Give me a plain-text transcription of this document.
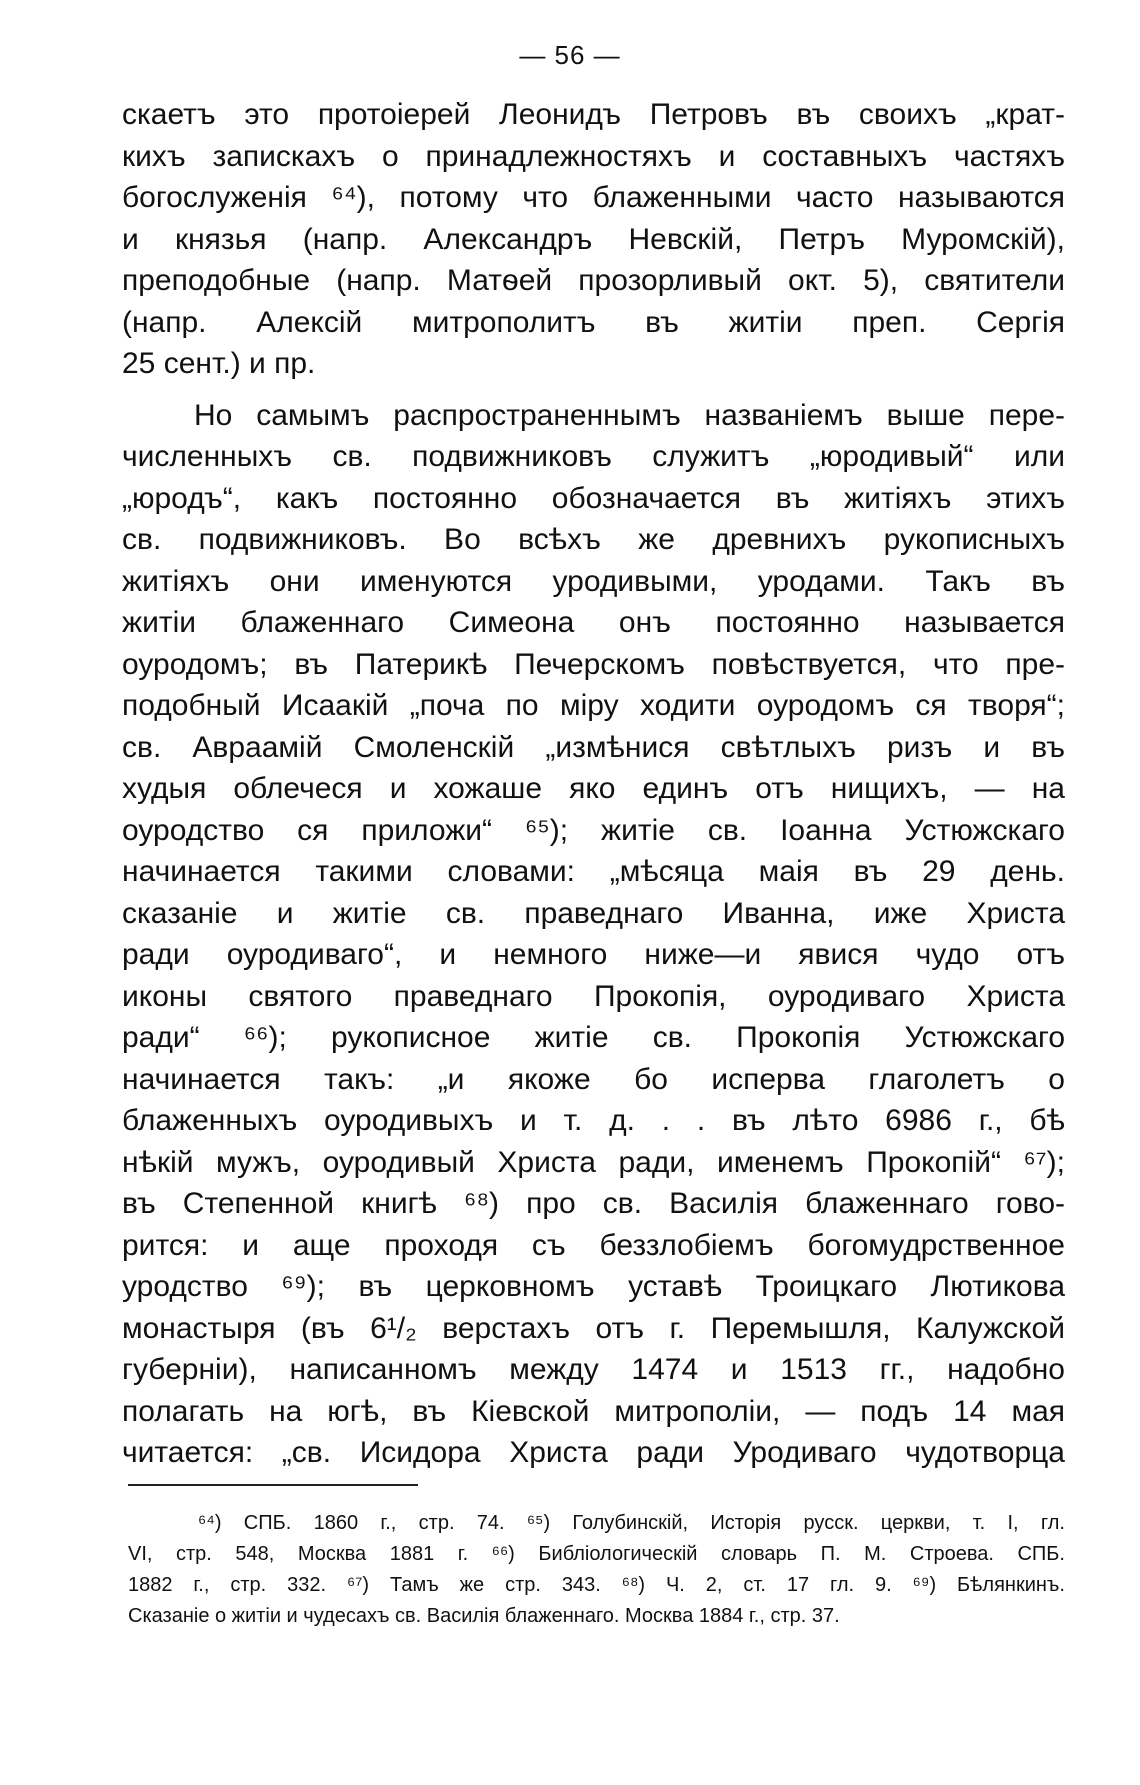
— 56 —
скаетъ это протоіерей Леонидъ Петровъ въ своихъ „крат-
кихъ запискахъ о принадлежностяхъ и составныхъ частяхъ
богослуженія ⁶⁴), потому что блаженными часто называются
и князья (напр. Александръ Невскій, Петръ Муромскій),
преподобные (напр. Матѳей прозорливый окт. 5), святители
(напр. Алексій митрополитъ въ житіи преп. Сергія
25 сент.) и пр.
Но самымъ распространеннымъ названіемъ выше пере-
численныхъ св. подвижниковъ служитъ „юродивый“ или
„юродъ“, какъ постоянно обозначается въ житіяхъ этихъ
св. подвижниковъ. Во всѣхъ же древнихъ рукописныхъ
житіяхъ они именуются уродивыми, уродами. Такъ въ
житіи блаженнаго Симеона онъ постоянно называется
оуродомъ; въ Патерикѣ Печерскомъ повѣствуется, что пре-
подобный Исаакій „поча по міру ходити оуродомъ ся творя“;
св. Авраамій Смоленскій „измѣнися свѣтлыхъ ризъ и въ
худыя облечеся и хожаше яко единъ отъ нищихъ, — на
оуродство ся приложи“ ⁶⁵); житіе св. Іоанна Устюжскаго
начинается такими словами: „мѣсяца маія въ 29 день.
сказаніе и житіе св. праведнаго Иванна, иже Христа
ради оуродиваго“, и немного ниже—и явися чудо отъ
иконы святого праведнаго Прокопія, оуродиваго Христа
ради“ ⁶⁶); рукописное житіе св. Прокопія Устюжскаго
начинается такъ: „и якоже бо исперва глаголетъ о
блаженныхъ оуродивыхъ и т. д. . . въ лѣто 6986 г., бѣ
нѣкій мужъ, оуродивый Христа ради, именемъ Прокопій“ ⁶⁷);
въ Степенной книгѣ ⁶⁸) про св. Василія блаженнаго гово-
рится: и аще проходя съ беззлобіемъ богомудрственное
уродство ⁶⁹); въ церковномъ уставѣ Троицкаго Лютикова
монастыря (въ 6¹/₂ верстахъ отъ г. Перемышля, Калужской
губерніи), написанномъ между 1474 и 1513 гг., надобно
полагать на югѣ, въ Кіевской митрополіи, — подъ 14 мая
читается: „св. Исидора Христа ради Уродиваго чудотворца
⁶⁴) СПБ. 1860 г., стр. 74. ⁶⁵) Голубинскій, Исторія русск. церкви, т. I, гл.
VI, стр. 548, Москва 1881 г. ⁶⁶) Библіологическій словарь П. М. Строева. СПБ.
1882 г., стр. 332. ⁶⁷) Тамъ же стр. 343. ⁶⁸) Ч. 2, ст. 17 гл. 9. ⁶⁹) Бѣлянкинъ.
Сказаніе о житіи и чудесахъ св. Василія блаженнаго. Москва 1884 г., стр. 37.
